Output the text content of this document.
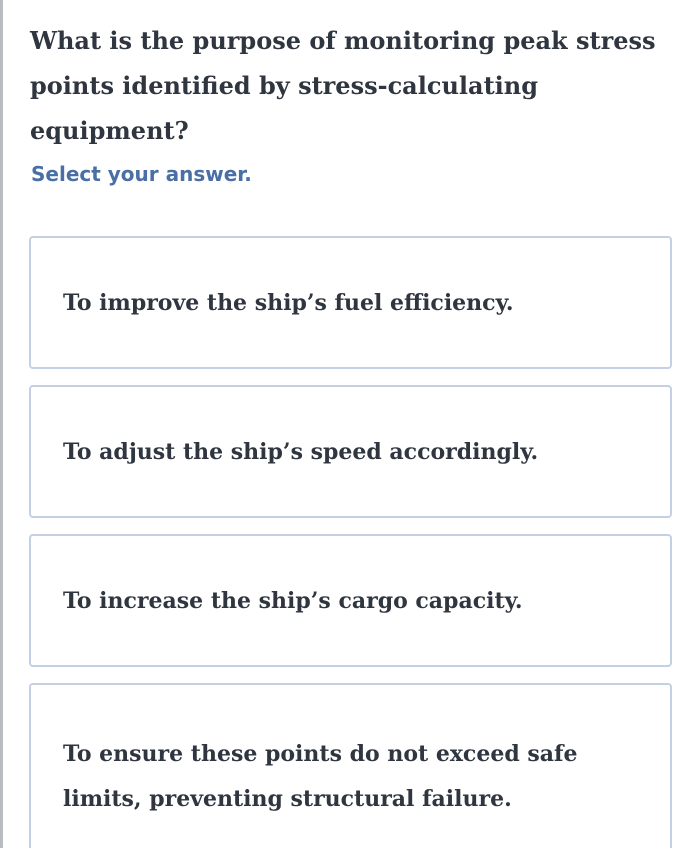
What is the purpose of monitoring peak stress points identified by stress-calculating equipment?
Select your answer.
To improve the ship’s fuel efficiency.
To adjust the ship’s speed accordingly.
To increase the ship’s cargo capacity.
To ensure these points do not exceed safe limits, preventing structural failure.
